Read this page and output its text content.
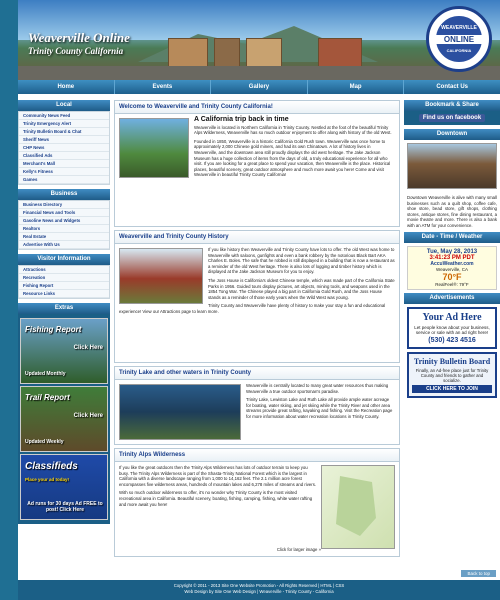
Weaverville Online
Trinity County California
WEAVERVILLE
ONLINE
CALIFORNIA
Home	Events	Gallery	Map	Contact Us
Local
Community News Feed
Trinity Emergency Alert
Trinity Bulletin Board & Chat
Sheriff News
CHP News
Classified Ads
Merchant's Mall
Kelly's Fitness
Games
Business
Business Directory
Financial News and Tools
Gasoline News and Widgets
Realtors
Real Estate
Advertise With Us
Visitor Information
Attractions
Recreation
Fishing Report
Resource Links
Extras
Fishing Report
Click Here
Updated Monthly
Trail Report
Click Here
Updated Weekly
Classifieds
Place your ad today!
Ad runs for 30 days Ad FREE to post! Click Here
Welcome to Weaverville and Trinity County California!
A California trip back in time

Weaverville is located in Northern California in Trinity County. Nestled at the foot of the beautiful Trinity Alps Wilderness, Weaverville has so much outdoor enjoyment to offer along with history of the old West.

Founded in 1850, Weaverville is a historic California Gold Rush town. Weaverville was once home to approximately 2,000 Chinese gold miners, and had its own Chinatown. A lot of history lives in Weaverville, and the downtown area still proudly displays the old west heritage. The Jake Jackson Museum has a huge collection of items from the days of old, a truly educational experience for all who visit. If you are looking for a great place to spend your vacation, then Weaverville is the place. Historical places, beautiful scenery, great outdoor atmosphere and much more await you here! Come and visit Weaverville in beautiful Trinity County California!

Weaverville and Trinity County History

If you like history then Weaverville and Trinity County have lots to offer. The old West was home to Weaverville with saloons, gunfights and even a bank robbery by the notorious Black Bart AKA Charles E. Boles. The safe that he robbed is still displayed in a building that is now a restaurant as a reminder of the old West heritage. There is also lots of logging and timber history which is displayed at the Jake Jackson Museum for you to enjoy.

The Joss House is California's oldest Chinese temple, which was made part of the California State Parks in 1956. Guided tours display pictures, art objects, mining tools, and weapons used in the 1854 Tong War. The Chinese played a big part in California Gold Rush, and the Joss House stands as a reminder of those early years when the Wild West was young.

Trinity County and Weaverville have plenty of history to make your stay a fun and educational experience! View our Attractions page to learn more.

Trinity Lake and other waters in Trinity County

Weaverville is centrally located to many great water resources thus making Weaverville a true outdoor sportsman's paradise.

Trinity Lake, Lewiston Lake and Ruth Lake all provide ample water acreage for boating, water skiing, and jet skiing while the Trinity River and other area streams provide great rafting, kayaking and fishing. Visit the Recreation page for more information about water recreation locations in Trinity County.

Trinity Alps Wilderness

If you like the great outdoors then the Trinity Alps Wilderness has lots of outdoor terrain to keep you busy. The Trinity Alps Wilderness is part of the Shasta-Trinity National Forest which is the largest in California with a diverse landscape ranging from 1,000 to 14,162 feet. The 2.1 million acre forest encompasses five wilderness areas, hundreds of mountain lakes and 6,278 miles of streams and rivers.

With so much outdoor wilderness to offer, it's no wonder why Trinity County is the most visited recreational area in California. Beautiful scenery, boating, fishing, camping, fishing, white water rafting and more await you here!

Click for larger image »

Bookmark & Share
Find us on facebook
Downtown
Downtown Weaverville is alive with many small businesses such as a quilt shop, coffee cafe, shoe store, bead store, gift shops, clothing stores, antique stores, fine dining restaurant, a movie theatre and more. There is also a bank with an ATM for your convenience.
Date - Time / Weather
Tue, May 28, 2013
3:41:23 PM PDT
AccuWeather.com
Weaverville, CA
70°F
RealFeel®: 79°F
Advertisements
Your Ad Here
Let people know about your business, service or sale with an ad right here!
(530) 423 4516
Trinity Bulletin Board
Finally, an Ad-free place just for Trinity County and friends to gather and socialize.
CLICK HERE TO JOIN
Copyright © 2011 - 2013 Site One Website Promotion - All Rights Reserved | HTML | CSS
Web Design by Site One Web Design | Weaverville - Trinity County - California
Back to top
